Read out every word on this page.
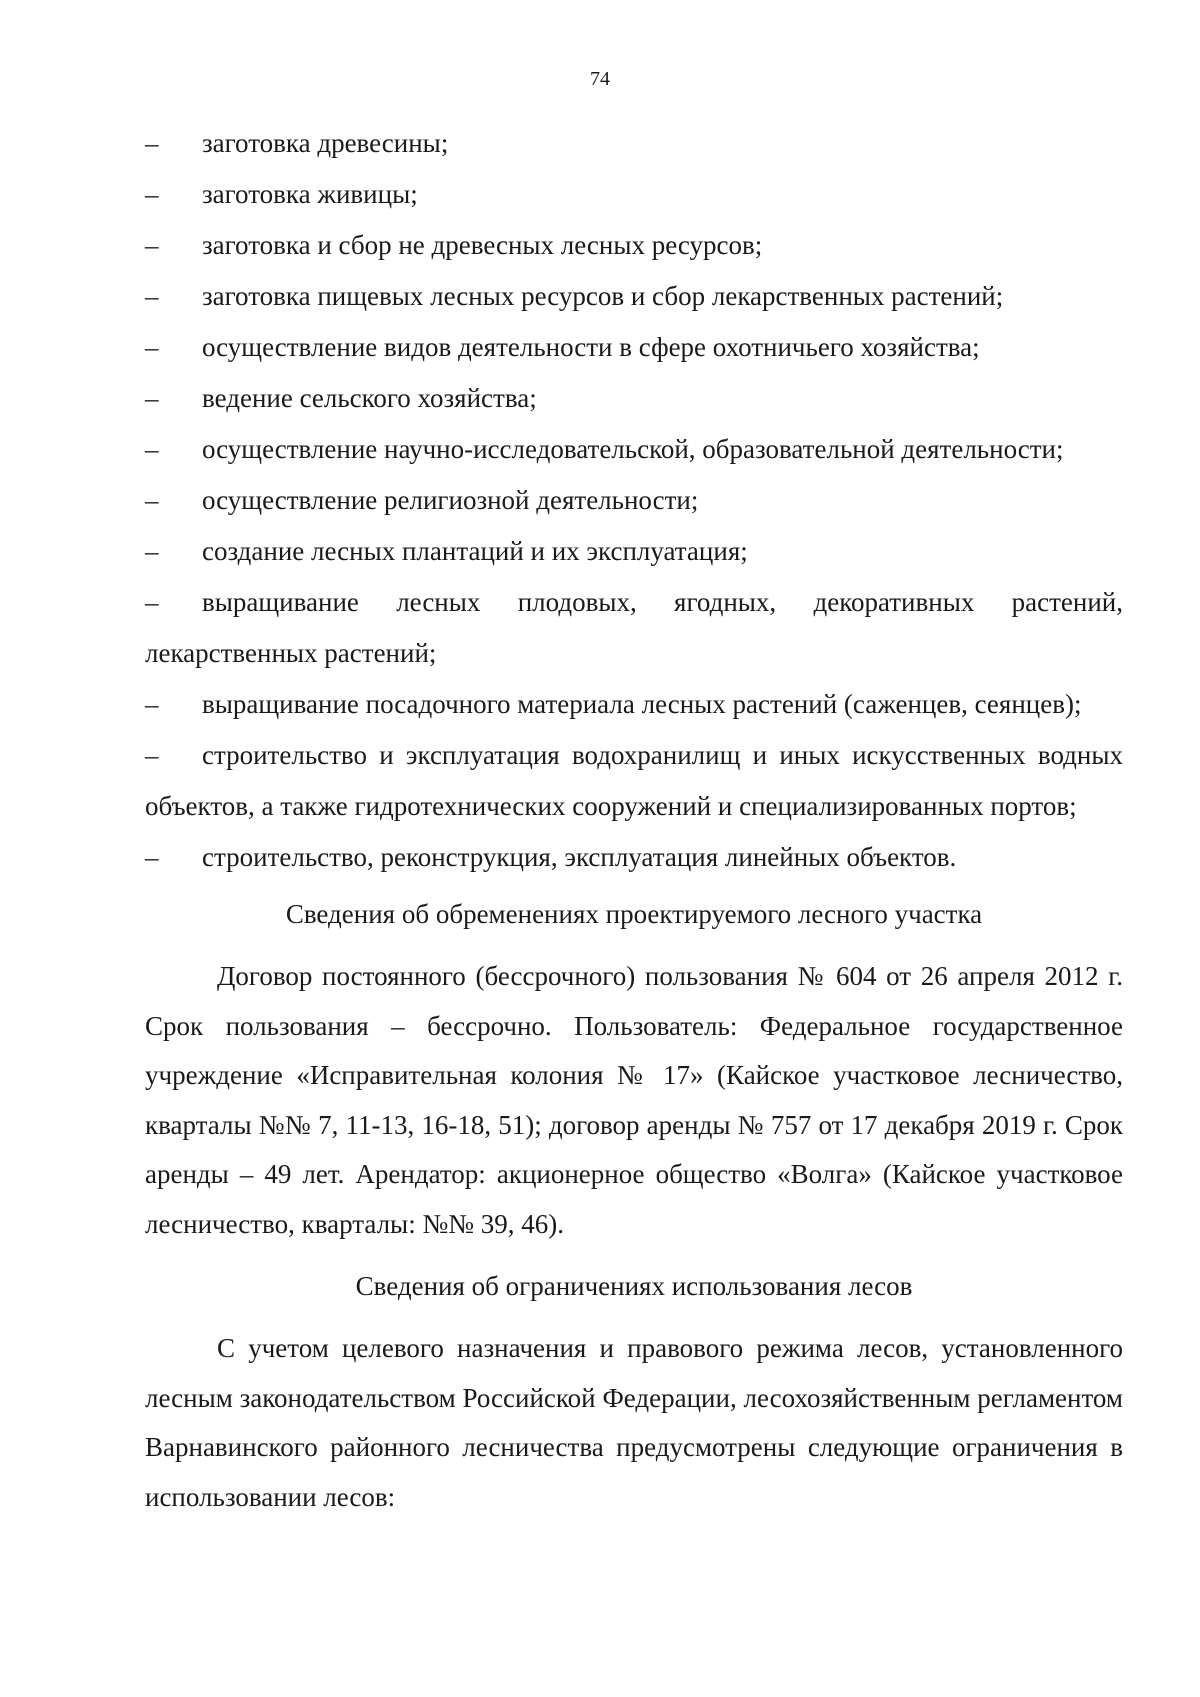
74
– заготовка древесины;
– заготовка живицы;
– заготовка и сбор не древесных лесных ресурсов;
– заготовка пищевых лесных ресурсов и сбор лекарственных растений;
– осуществление видов деятельности в сфере охотничьего хозяйства;
– ведение сельского хозяйства;
– осуществление научно-исследовательской, образовательной деятельности;
– осуществление религиозной деятельности;
– создание лесных плантаций и их эксплуатация;
– выращивание лесных плодовых, ягодных, декоративных растений, лекарственных растений;
– выращивание посадочного материала лесных растений (саженцев, сеянцев);
– строительство и эксплуатация водохранилищ и иных искусственных водных объектов, а также гидротехнических сооружений и специализированных портов;
– строительство, реконструкция, эксплуатация линейных объектов.
Сведения об обременениях проектируемого лесного участка
Договор постоянного (бессрочного) пользования № 604 от 26 апреля 2012 г. Срок пользования – бессрочно. Пользователь: Федеральное государственное учреждение «Исправительная колония № 17» (Кайское участковое лесничество, кварталы №№ 7, 11-13, 16-18, 51); договор аренды № 757 от 17 декабря 2019 г. Срок аренды – 49 лет. Арендатор: акционерное общество «Волга» (Кайское участковое лесничество, кварталы: №№ 39, 46).
Сведения об ограничениях использования лесов
С учетом целевого назначения и правового режима лесов, установленного лесным законодательством Российской Федерации, лесохозяйственным регламентом Варнавинского районного лесничества предусмотрены следующие ограничения в использовании лесов:
